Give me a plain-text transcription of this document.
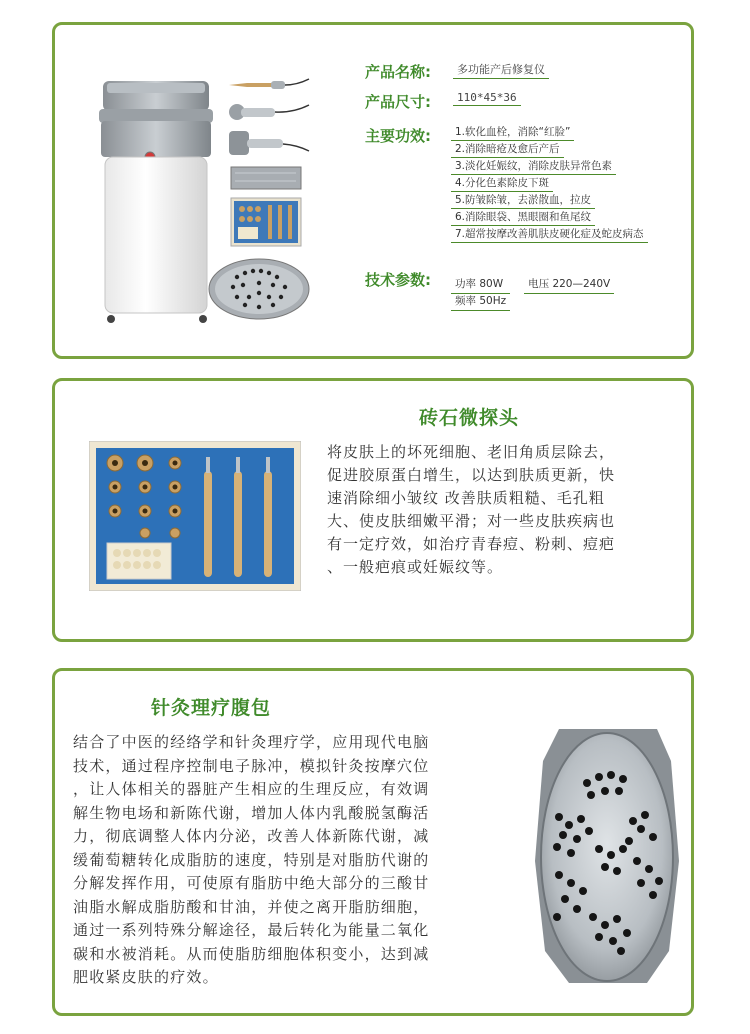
产品名称:	多功能产后修复仪
产品尺寸:	110*45*36
主要功效:	1.软化血栓，消除“红脸”
2.消除暗疮及愈后产后
3.淡化妊娠纹，消除皮肤异常色素
4.分化色素除皮下斑
5.防皱除皱，去淤散血，拉皮
6.消除眼袋、黑眼圈和鱼尾纹
7.超常按摩改善肌肤皮硬化症及蛇皮病态
技术参数:	功率 80W	电压 220—240V
频率 50Hz
砖石微探头
将皮肤上的坏死细胞、老旧角质层除去，
促进胶原蛋白增生，以达到肤质更新，快
速消除细小皱纹 改善肤质粗糙、毛孔粗
大、使皮肤细嫩平滑；对一些皮肤疾病也
有一定疗效，如治疗青春痘、粉刺、痘疤
、一般疤痕或妊娠纹等。
针灸理疗腹包
结合了中医的经络学和针灸理疗学，应用现代电脑
技术，通过程序控制电子脉冲，模拟针灸按摩穴位
，让人体相关的器脏产生相应的生理反应，有效调
解生物电场和新陈代谢，增加人体内乳酸脱氢酶活
力，彻底调整人体内分泌，改善人体新陈代谢，减
缓葡萄糖转化成脂肪的速度，特别是对脂肪代谢的
分解发挥作用，可使原有脂肪中绝大部分的三酸甘
油脂水解成脂肪酸和甘油，并使之离开脂肪细胞，
通过一系列特殊分解途径，最后转化为能量二氧化
碳和水被消耗。从而使脂肪细胞体积变小，达到减
肥收紧皮肤的疗效。
